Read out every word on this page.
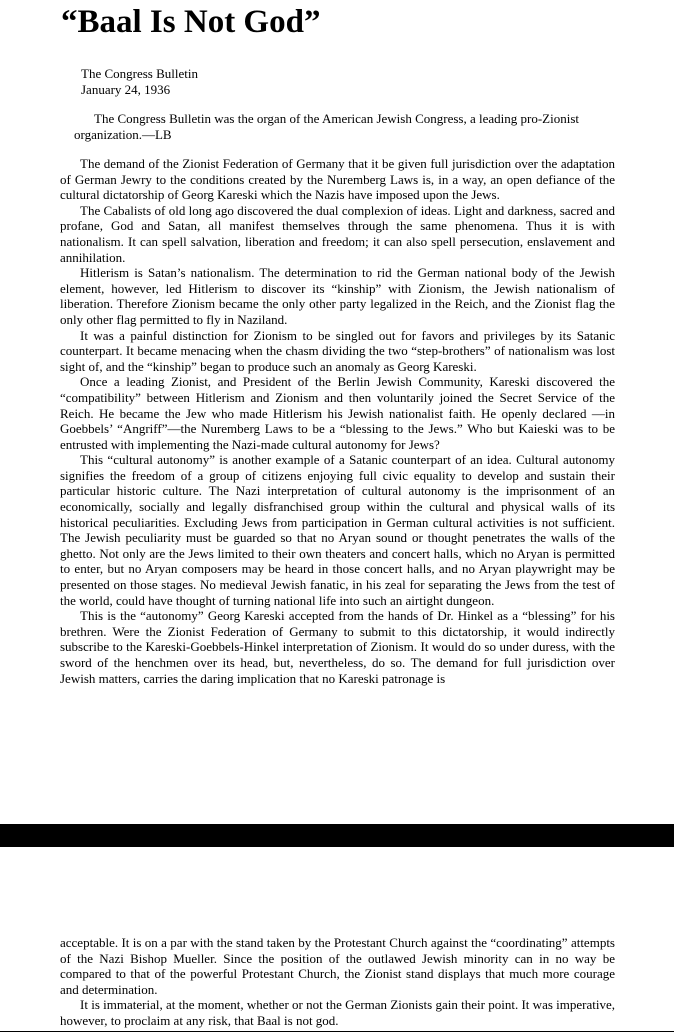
“Baal Is Not God”
The Congress Bulletin
January 24, 1936

The Congress Bulletin was the organ of the American Jewish Congress, a leading pro-Zionist organization.—LB

The demand of the Zionist Federation of Germany that it be given full jurisdiction over the adaptation of German Jewry to the conditions created by the Nuremberg Laws is, in a way, an open defiance of the cultural dictatorship of Georg Kareski which the Nazis have imposed upon the Jews.

The Cabalists of old long ago discovered the dual complexion of ideas. Light and darkness, sacred and profane, God and Satan, all manifest themselves through the same phenomena. Thus it is with nationalism. It can spell salvation, liberation and freedom; it can also spell persecution, enslavement and annihilation.

Hitlerism is Satan’s nationalism. The determination to rid the German national body of the Jewish element, however, led Hitlerism to discover its “kinship” with Zionism, the Jewish nationalism of liberation. Therefore Zionism became the only other party legalized in the Reich, and the Zionist flag the only other flag permitted to fly in Naziland.

It was a painful distinction for Zionism to be singled out for favors and privileges by its Satanic counterpart. It became menacing when the chasm dividing the two “step-brothers” of nationalism was lost sight of, and the “kinship” began to produce such an anomaly as Georg Kareski.

Once a leading Zionist, and President of the Berlin Jewish Community, Kareski discovered the “compatibility” between Hitlerism and Zionism and then voluntarily joined the Secret Service of the Reich. He became the Jew who made Hitlerism his Jewish nationalist faith. He openly declared —in Goebbels’ “Angriff”—the Nuremberg Laws to be a “blessing to the Jews.” Who but Kaieski was to be entrusted with implementing the Nazi-made cultural autonomy for Jews?

This “cultural autonomy” is another example of a Satanic counterpart of an idea. Cultural autonomy signifies the freedom of a group of citizens enjoying full civic equality to develop and sustain their particular historic culture. The Nazi interpretation of cultural autonomy is the imprisonment of an economically, socially and legally disfranchised group within the cultural and physical walls of its historical peculiarities. Excluding Jews from participation in German cultural activities is not sufficient. The Jewish peculiarity must be guarded so that no Aryan sound or thought penetrates the walls of the ghetto. Not only are the Jews limited to their own theaters and concert halls, which no Aryan is permitted to enter, but no Aryan composers may be heard in those concert halls, and no Aryan playwright may be presented on those stages. No medieval Jewish fanatic, in his zeal for separating the Jews from the test of the world, could have thought of turning national life into such an airtight dungeon.

This is the “autonomy” Georg Kareski accepted from the hands of Dr. Hinkel as a “blessing” for his brethren. Were the Zionist Federation of Germany to submit to this dictatorship, it would indirectly subscribe to the Kareski-Goebbels-Hinkel interpretation of Zionism. It would do so under duress, with the sword of the henchmen over its head, but, nevertheless, do so. The demand for full jurisdiction over Jewish matters, carries the daring implication that no Kareski patronage is

acceptable. It is on a par with the stand taken by the Protestant Church against the “coordinating” attempts of the Nazi Bishop Mueller. Since the position of the outlawed Jewish minority can in no way be compared to that of the powerful Protestant Church, the Zionist stand displays that much more courage and determination.

It is immaterial, at the moment, whether or not the German Zionists gain their point. It was imperative, however, to proclaim at any risk, that Baal is not god.
